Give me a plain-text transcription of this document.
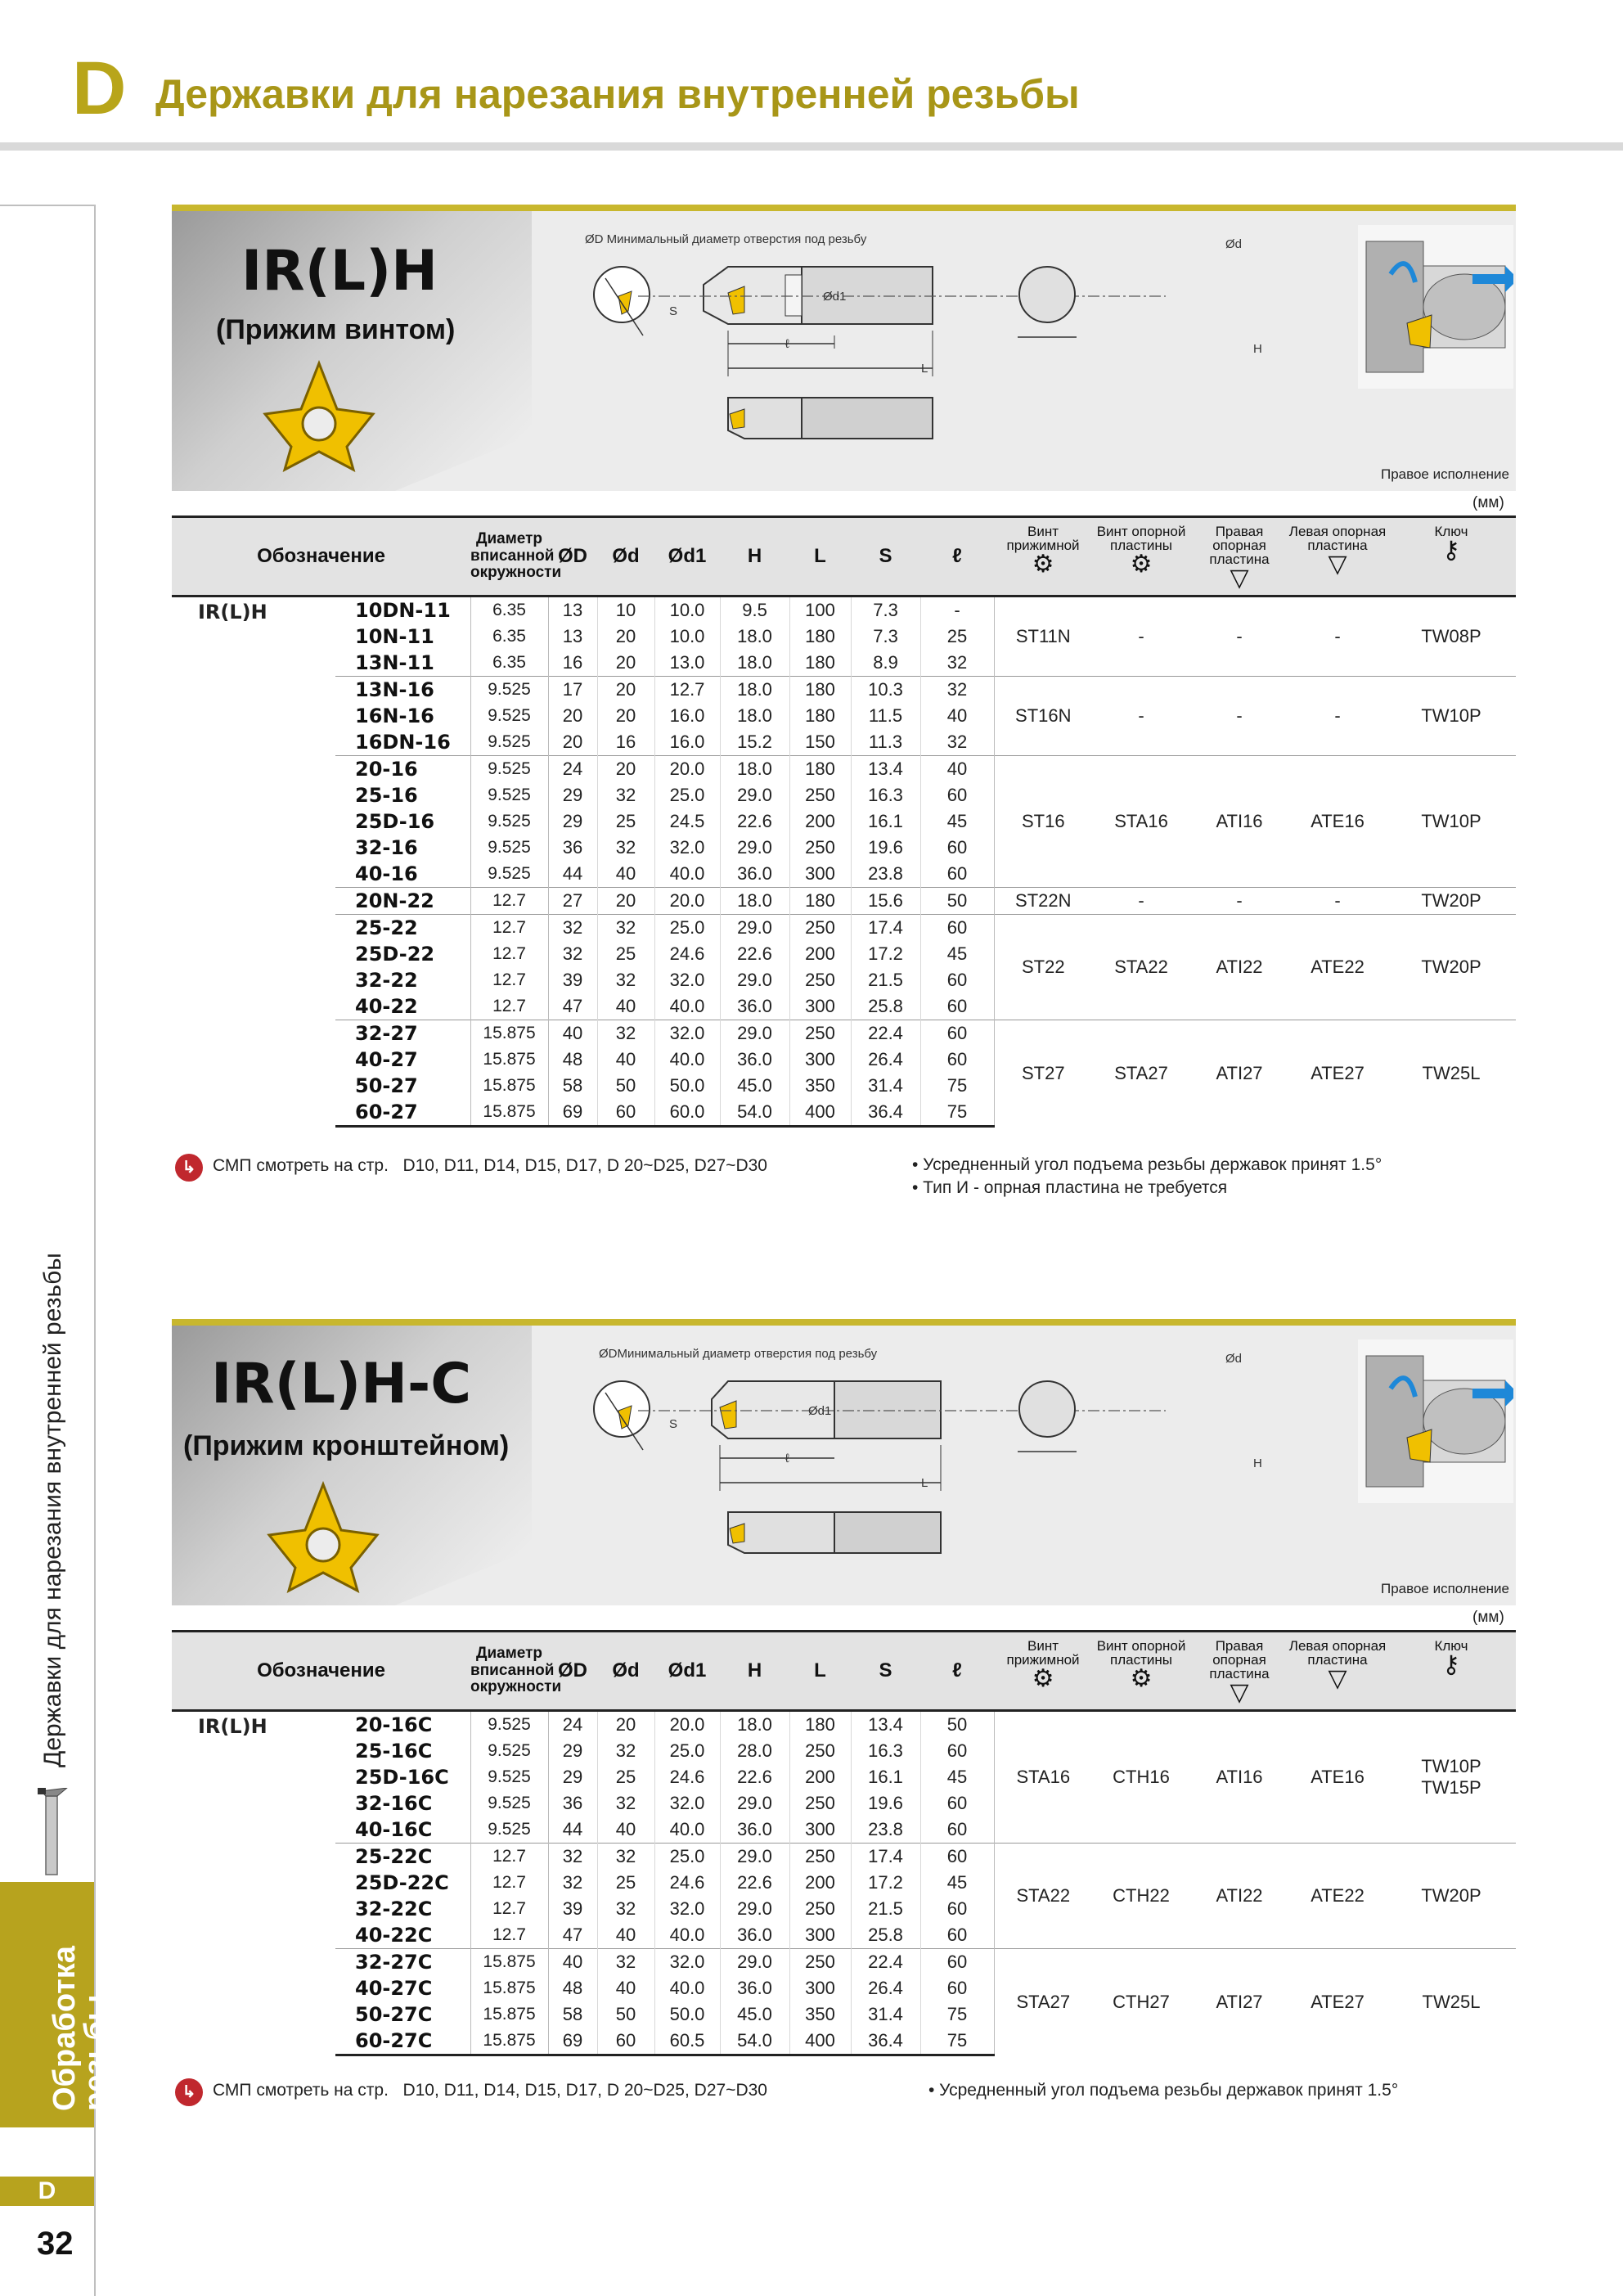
D Державки для нарезания внутренней резьбы
Державки для нарезания внутренней резьбы
Обработка
резьбы
D
32
IR(L)H
(Прижим винтом)
ØD Минимальный диаметр отверстия под резьбу
Ød1
S
ℓ
L
Ød
H
Правое исполнение
(мм)
Обозначение		Диаметр
вписанной
окружности	ØD	Ød	Ød1	H	L	S	ℓ	Винт
прижимной
⚙	Винт опорной
пластины
⚙	Правая опорная
пластина
▽	Левая опорная
пластина
▽	Ключ
⚷
IR(L)H	10DN-11	6.35	13	10	10.0	9.5	100	7.3	-	ST11N	-	-	-	TW08P
	10N-11	6.35	13	20	10.0	18.0	180	7.3	25					
	13N-11	6.35	16	20	13.0	18.0	180	8.9	32					
	13N-16	9.525	17	20	12.7	18.0	180	10.3	32	ST16N	-	-	-	TW10P
	16N-16	9.525	20	20	16.0	18.0	180	11.5	40					
	16DN-16	9.525	20	16	16.0	15.2	150	11.3	32					
	20-16	9.525	24	20	20.0	18.0	180	13.4	40	ST16	STA16	ATI16	ATE16	TW10P
	25-16	9.525	29	32	25.0	29.0	250	16.3	60					
	25D-16	9.525	29	25	24.5	22.6	200	16.1	45					
	32-16	9.525	36	32	32.0	29.0	250	19.6	60					
	40-16	9.525	44	40	40.0	36.0	300	23.8	60					
	20N-22	12.7	27	20	20.0	18.0	180	15.6	50	ST22N	-	-	-	TW20P
	25-22	12.7	32	32	25.0	29.0	250	17.4	60	ST22	STA22	ATI22	ATE22	TW20P
	25D-22	12.7	32	25	24.6	22.6	200	17.2	45					
	32-22	12.7	39	32	32.0	29.0	250	21.5	60					
	40-22	12.7	47	40	40.0	36.0	300	25.8	60					
	32-27	15.875	40	32	32.0	29.0	250	22.4	60	ST27	STA27	ATI27	ATE27	TW25L
	40-27	15.875	48	40	40.0	36.0	300	26.4	60					
	50-27	15.875	58	50	50.0	45.0	350	31.4	75					
	60-27	15.875	69	60	60.0	54.0	400	36.4	75					
↳ СМП смотреть на стр. D10, D11, D14, D15, D17, D 20~D25, D27~D30	• Усредненный угол подъема резьбы державок принят 1.5°
• Тип И - опрная пластина не требуется
IR(L)H-C
(Прижим кронштейном)
ØDМинимальный диаметр отверстия под резьбу
Ød1
S
ℓ
L
Ød
H
Правое исполнение
(мм)
Обозначение		Диаметр
вписанной
окружности	ØD	Ød	Ød1	H	L	S	ℓ	Винт
прижимной
⚙	Винт опорной
пластины
⚙	Правая опорная
пластина
▽	Левая опорная
пластина
▽	Ключ
⚷
IR(L)H	20-16C	9.525	24	20	20.0	18.0	180	13.4	50	STA16	CTH16	ATI16	ATE16	TW10P
TW15P
	25-16C	9.525	29	32	25.0	28.0	250	16.3	60					
	25D-16C	9.525	29	25	24.6	22.6	200	16.1	45					
	32-16C	9.525	36	32	32.0	29.0	250	19.6	60					
	40-16C	9.525	44	40	40.0	36.0	300	23.8	60					
	25-22C	12.7	32	32	25.0	29.0	250	17.4	60	STA22	CTH22	ATI22	ATE22	TW20P
	25D-22C	12.7	32	25	24.6	22.6	200	17.2	45					
	32-22C	12.7	39	32	32.0	29.0	250	21.5	60					
	40-22C	12.7	47	40	40.0	36.0	300	25.8	60					
	32-27C	15.875	40	32	32.0	29.0	250	22.4	60	STA27	CTH27	ATI27	ATE27	TW25L
	40-27C	15.875	48	40	40.0	36.0	300	26.4	60					
	50-27C	15.875	58	50	50.0	45.0	350	31.4	75					
	60-27C	15.875	69	60	60.5	54.0	400	36.4	75					
↳ СМП смотреть на стр. D10, D11, D14, D15, D17, D 20~D25, D27~D30	• Усредненный угол подъема резьбы державок принят 1.5°
